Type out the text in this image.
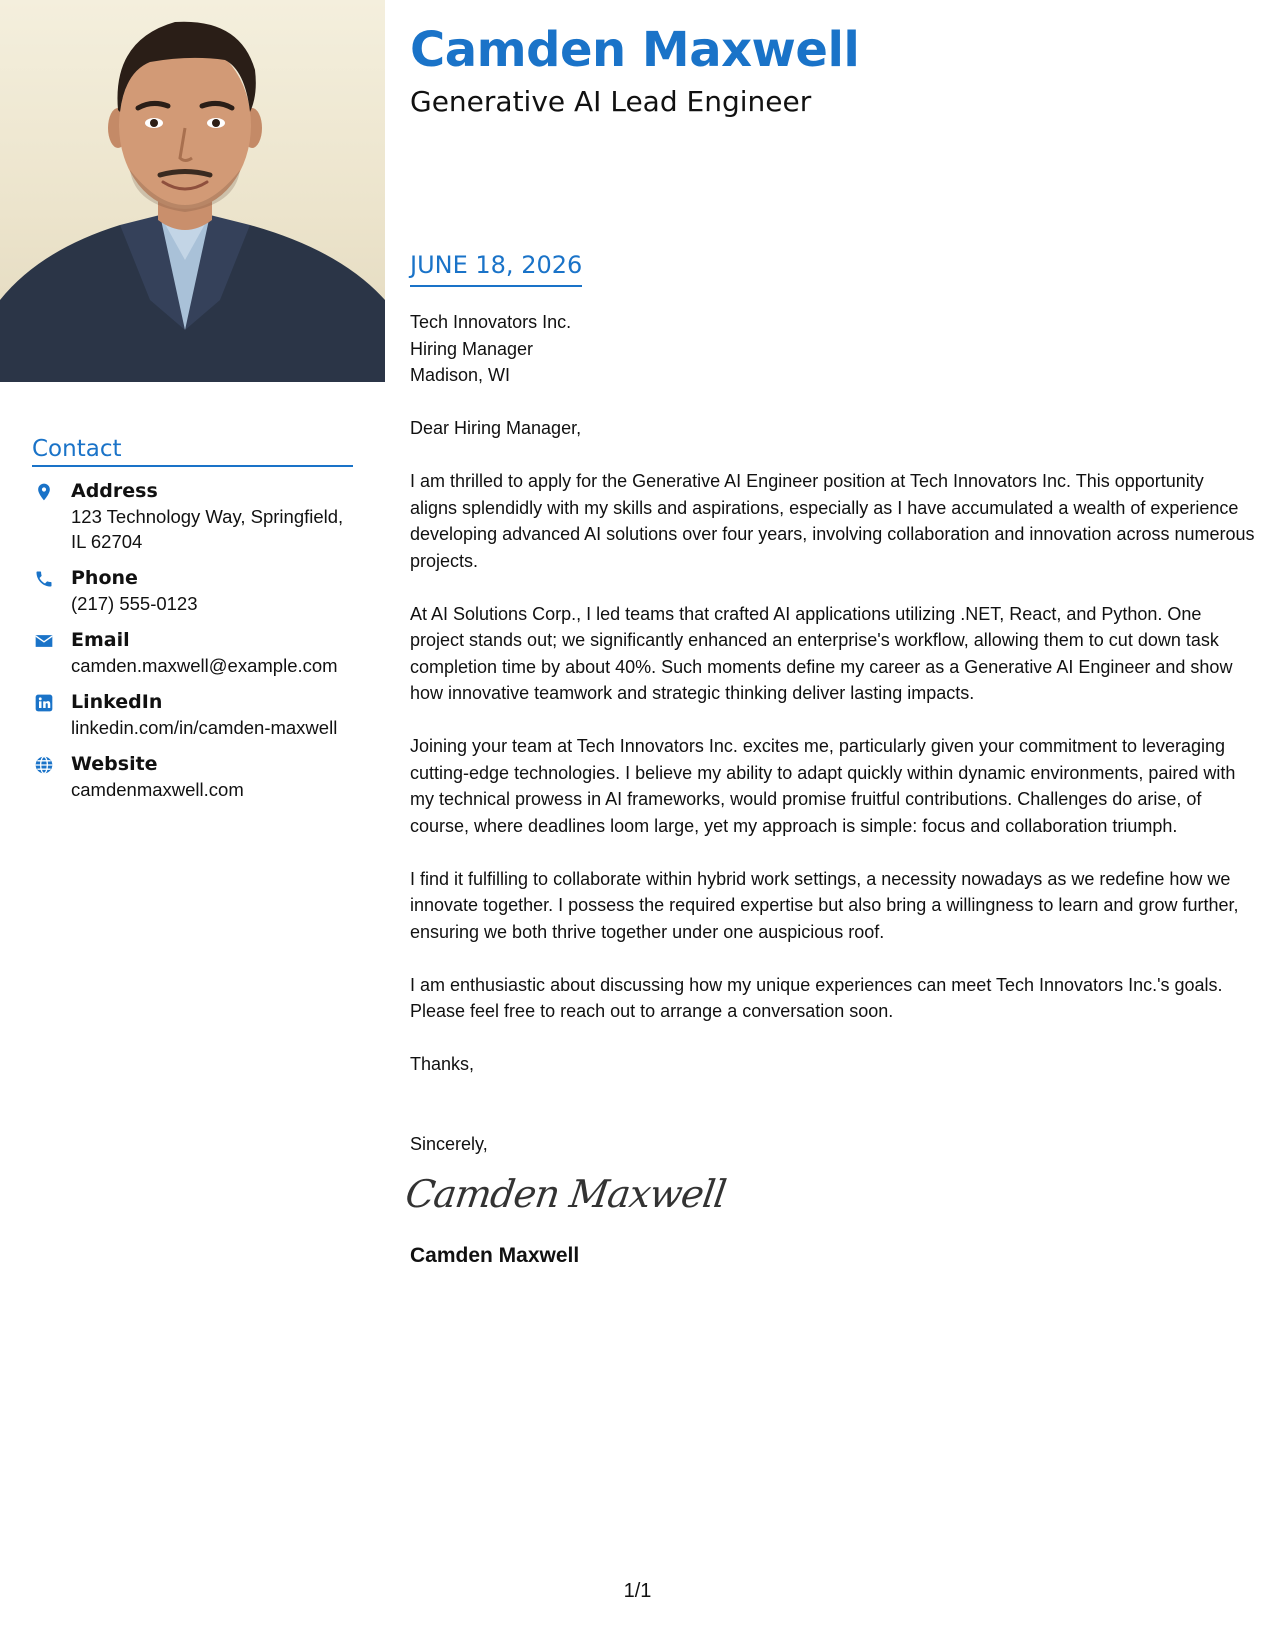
Contact
Address
123 Technology Way, Springfield,
IL 62704
Phone
(217) 555-0123
Email
camden.maxwell@example.com
LinkedIn
linkedin.com/in/camden-maxwell
Website
camdenmaxwell.com
Camden Maxwell
Generative AI Lead Engineer
JUNE 18, 2026
Tech Innovators Inc.
Hiring Manager
Madison, WI

Dear Hiring Manager,

I am thrilled to apply for the Generative AI Engineer position at Tech Innovators Inc. This opportunity aligns splendidly with my skills and aspirations, especially as I have accumulated a wealth of experience developing advanced AI solutions over four years, involving collaboration and innovation across numerous projects.

At AI Solutions Corp., I led teams that crafted AI applications utilizing .NET, React, and Python. One project stands out; we significantly enhanced an enterprise's workflow, allowing them to cut down task completion time by about 40%. Such moments define my career as a Generative AI Engineer and show how innovative teamwork and strategic thinking deliver lasting impacts.

Joining your team at Tech Innovators Inc. excites me, particularly given your commitment to leveraging cutting-edge technologies. I believe my ability to adapt quickly within dynamic environments, paired with my technical prowess in AI frameworks, would promise fruitful contributions. Challenges do arise, of course, where deadlines loom large, yet my approach is simple: focus and collaboration triumph.

I find it fulfilling to collaborate within hybrid work settings, a necessity nowadays as we redefine how we innovate together. I possess the required expertise but also bring a willingness to learn and grow further, ensuring we both thrive together under one auspicious roof.

I am enthusiastic about discussing how my unique experiences can meet Tech Innovators Inc.'s goals. Please feel free to reach out to arrange a conversation soon.

Thanks,

Sincerely,

Camden Maxwell
Camden Maxwell
1/1
